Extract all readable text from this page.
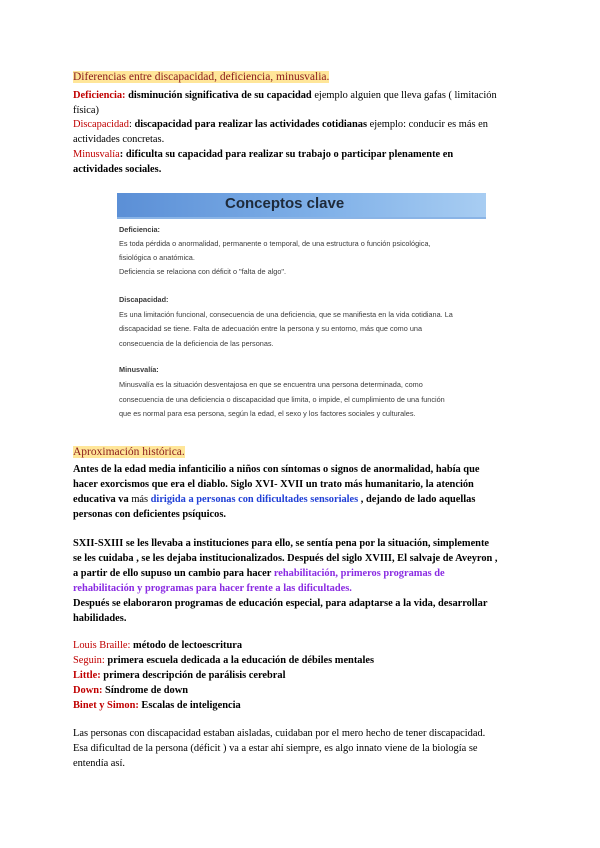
Diferencias entre discapacidad, deficiencia, minusvalia.
Deficiencia: disminución significativa de su capacidad ejemplo alguien que lleva gafas ( limitación
física)
Discapacidad: discapacidad para realizar las actividades cotidianas ejemplo: conducir es más en
actividades concretas.
Minusvalía: dificulta su capacidad para realizar su trabajo o participar plenamente en
actividades sociales.
Conceptos clave
Deficiencia:
Es toda pérdida o anormalidad, permanente o temporal, de una estructura o función psicológica,
fisiológica o anatómica.
Deficiencia se relaciona con déficit o "falta de algo".
Discapacidad:
Es una limitación funcional, consecuencia de una deficiencia, que se manifiesta en la vida cotidiana. La
discapacidad se tiene. Falta de adecuación entre la persona y su entorno, más que como una
consecuencia de la deficiencia de las personas.
Minusvalía:
Minusvalía es la situación desventajosa en que se encuentra una persona determinada, como
consecuencia de una deficiencia o discapacidad que limita, o impide, el cumplimiento de una función
que es normal para esa persona, según la edad, el sexo y los factores sociales y culturales.
Aproximación histórica.
Antes de la edad media infanticilio a niños con síntomas o signos de anormalidad, había que
hacer exorcismos que era el diablo. Siglo XVI- XVII un trato más humanitario, la atención
educativa va más dirigida a personas con dificultades sensoriales , dejando de lado aquellas
personas con deficientes psíquicos.
SXII-SXIII se les llevaba a instituciones para ello, se sentía pena por la situación, simplemente
se les cuidaba , se les dejaba institucionalizados. Después del siglo XVIII, El salvaje de Aveyron ,
a partir de ello supuso un cambio para hacer rehabilitación, primeros programas de
rehabilitación y programas para hacer frente a las dificultades.
Después se elaboraron programas de educación especial, para adaptarse a la vida, desarrollar
habilidades.
Louis Braille: método de lectoescritura
Seguin: primera escuela dedicada a la educación de débiles mentales
Little: primera descripción de parálisis cerebral
Down: Síndrome de down
Binet y Simon: Escalas de inteligencia
Las personas con discapacidad estaban aisladas, cuidaban por el mero hecho de tener discapacidad.
Esa dificultad de la persona (déficit ) va a estar ahí siempre, es algo innato viene de la biología se
entendía así.
